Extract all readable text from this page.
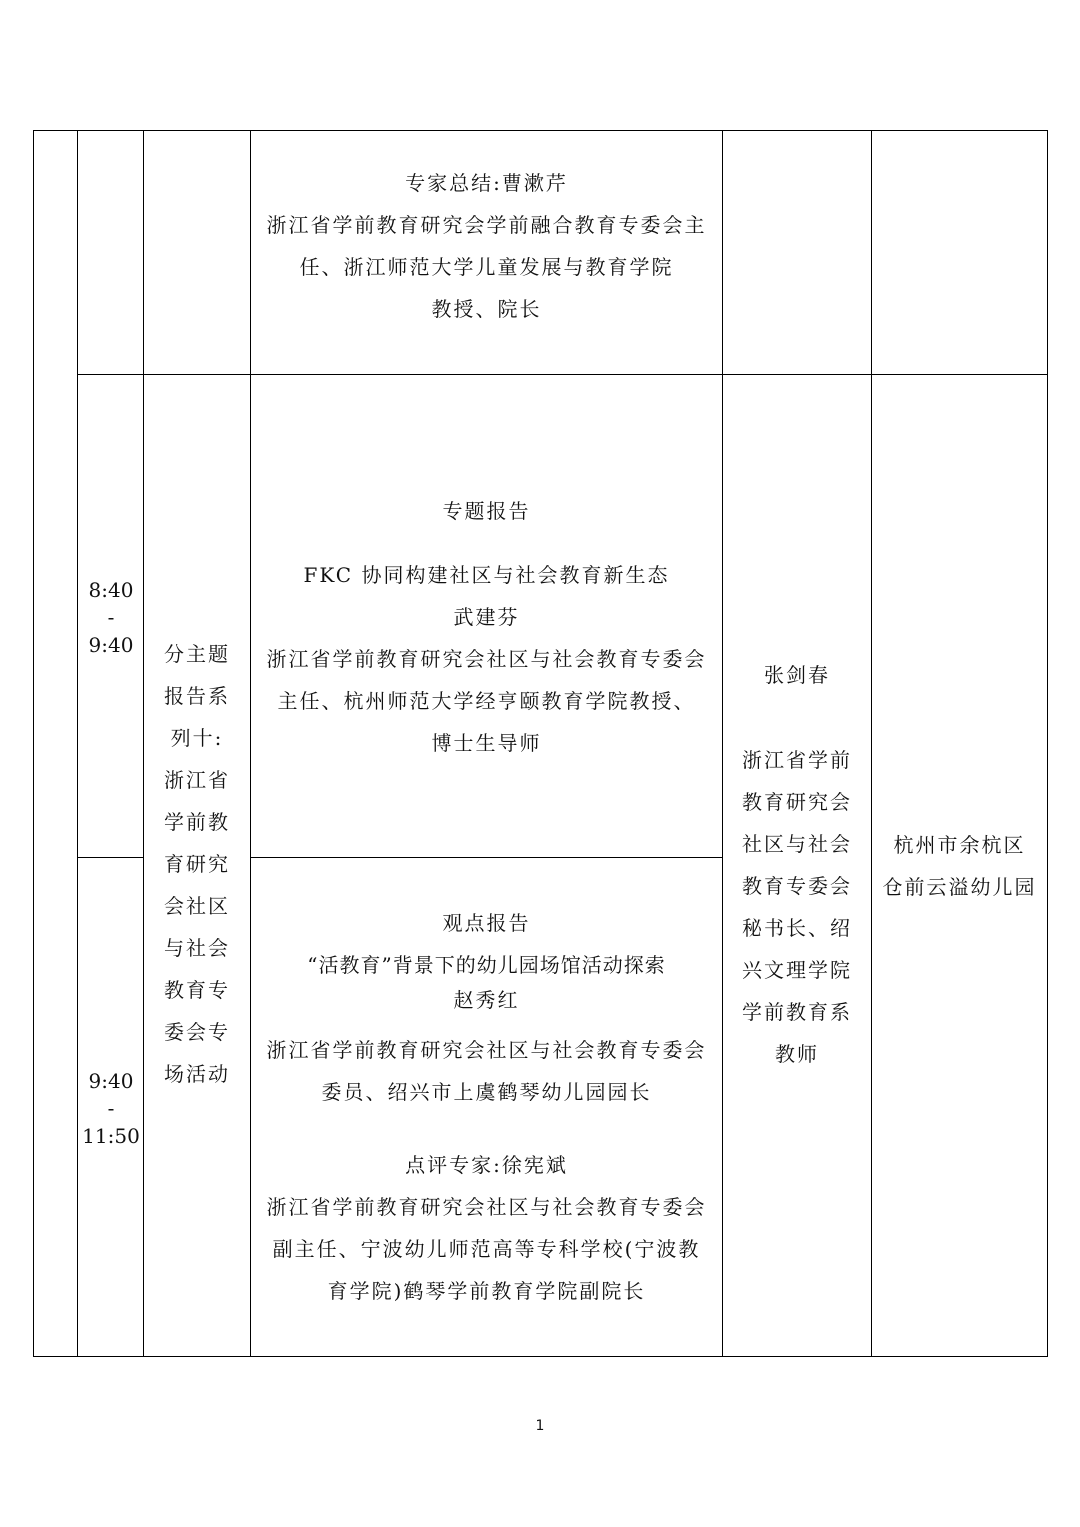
专家总结:曹漱芹

浙江省学前教育研究会学前融合教育专委会主

任、浙江师范大学儿童发展与教育学院

教授、院长

8:40

-

9:40

专题报告
FKC 协同构建社区与社会教育新生态

武建芬

浙江省学前教育研究会社区与社会教育专委会

主任、杭州师范大学经亨颐教育学院教授、

博士生导师

分主题

报告系

列十:

浙江省

学前教

育研究

会社区

与社会

教育专

委会专

场活动

张剑春

浙江省学前

教育研究会

社区与社会

教育专委会

秘书长、绍

兴文理学院

学前教育系

教师

杭州市余杭区

仓前云溢幼儿园

9:40

-

11:50

观点报告
“活教育”背景下的幼儿园场馆活动探索
赵秀红

浙江省学前教育研究会社区与社会教育专委会

委员、绍兴市上虞鹤琴幼儿园园长

点评专家:徐宪斌

浙江省学前教育研究会社区与社会教育专委会

副主任、宁波幼儿师范高等专科学校(宁波教

育学院)鹤琴学前教育学院副院长

1
